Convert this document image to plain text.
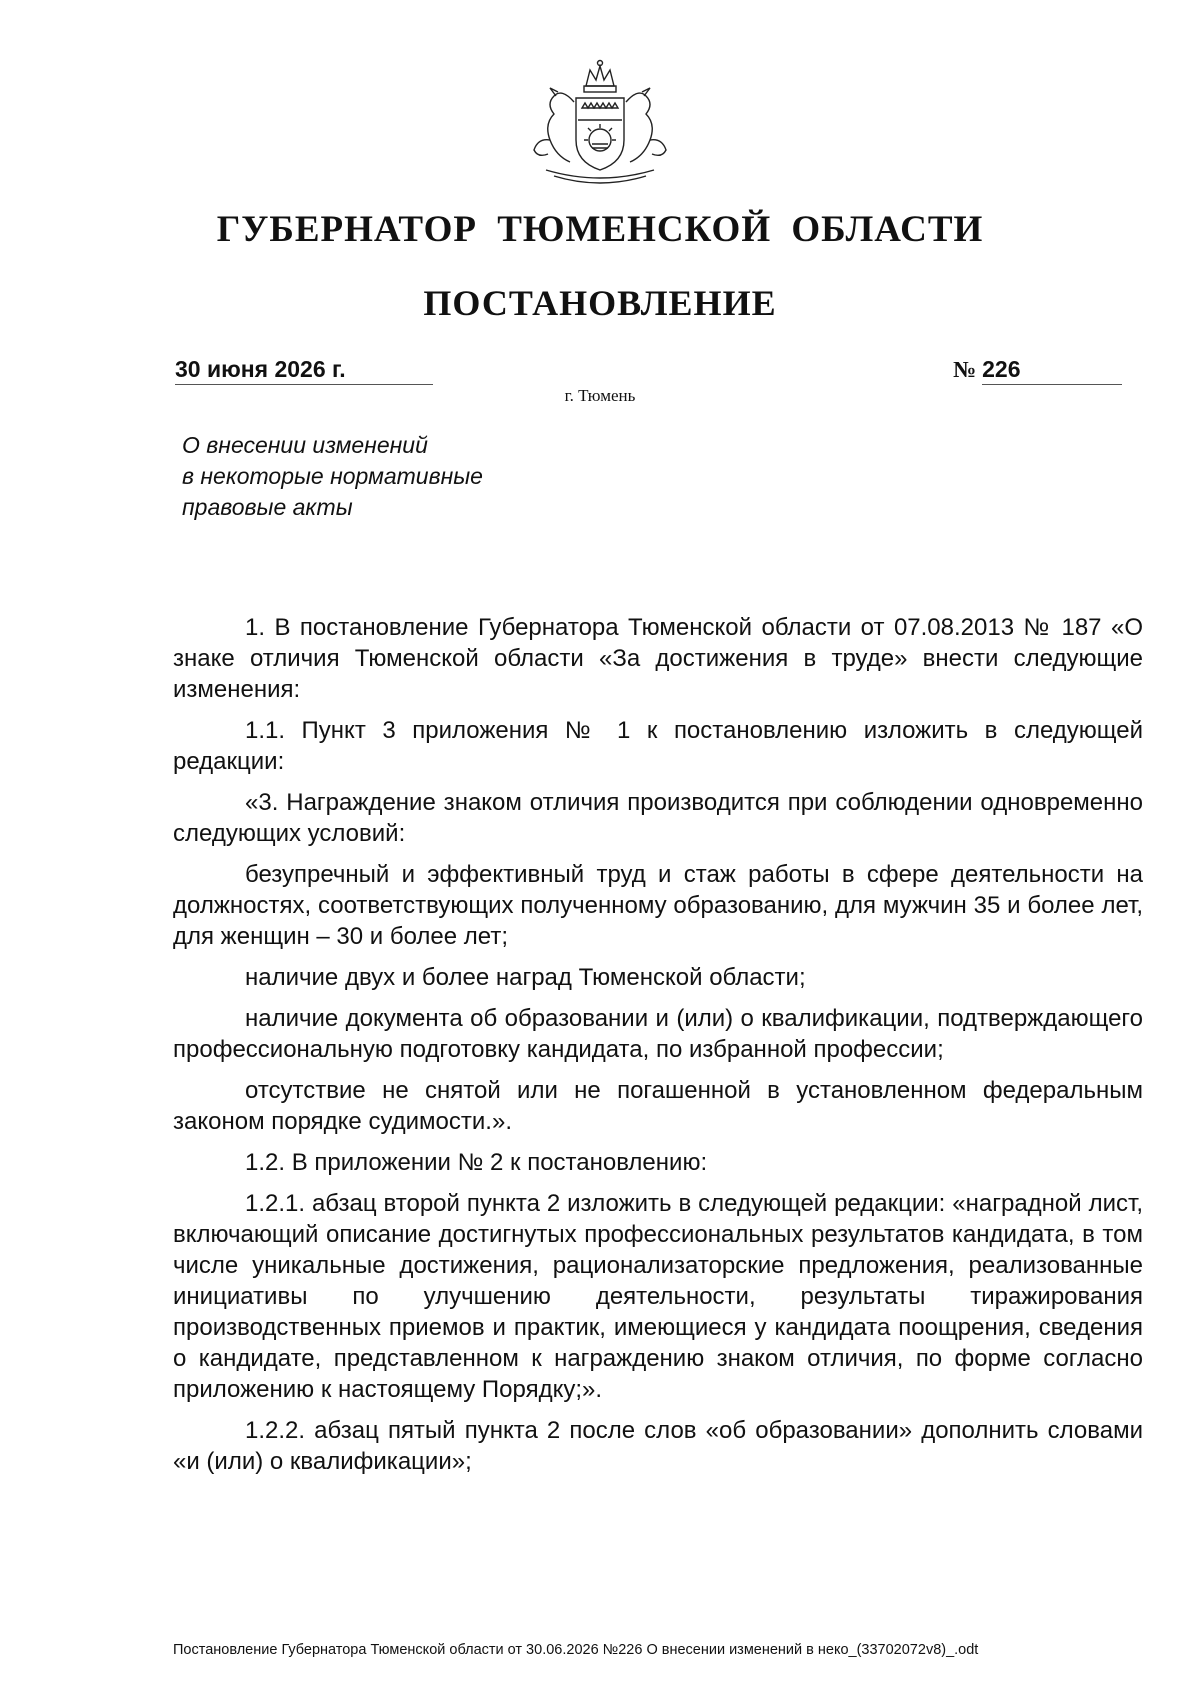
ГУБЕРНАТОР ТЮМЕНСКОЙ ОБЛАСТИ
ПОСТАНОВЛЕНИЕ
30 июня 2026 г.	№ 226
г. Тюмень
О внесении изменений
в некоторые нормативные
правовые акты

1. В постановление Губернатора Тюменской области от 07.08.2013 № 187 «О знаке отличия Тюменской области «За достижения в труде» внести следующие изменения:

1.1. Пункт 3 приложения № 1 к постановлению изложить в следующей редакции:

«3. Награждение знаком отличия производится при соблюдении одновременно следующих условий:

безупречный и эффективный труд и стаж работы в сфере деятельности на должностях, соответствующих полученному образованию, для мужчин 35 и более лет, для женщин – 30 и более лет;

наличие двух и более наград Тюменской области;

наличие документа об образовании и (или) о квалификации, подтверждающего профессиональную подготовку кандидата, по избранной профессии;

отсутствие не снятой или не погашенной в установленном федеральным законом порядке судимости.».

1.2. В приложении № 2 к постановлению:

1.2.1. абзац второй пункта 2 изложить в следующей редакции: «наградной лист, включающий описание достигнутых профессиональных результатов кандидата, в том числе уникальные достижения, рационализаторские предложения, реализованные инициативы по улучшению деятельности, результаты тиражирования производственных приемов и практик, имеющиеся у кандидата поощрения, сведения о кандидате, представленном к награждению знаком отличия, по форме согласно приложению к настоящему Порядку;».

1.2.2. абзац пятый пункта 2 после слов «об образовании» дополнить словами «и (или) о квалификации»;

Постановление Губернатора Тюменской области от 30.06.2026 №226 О внесении изменений в неко_(33702072v8)_.odt
